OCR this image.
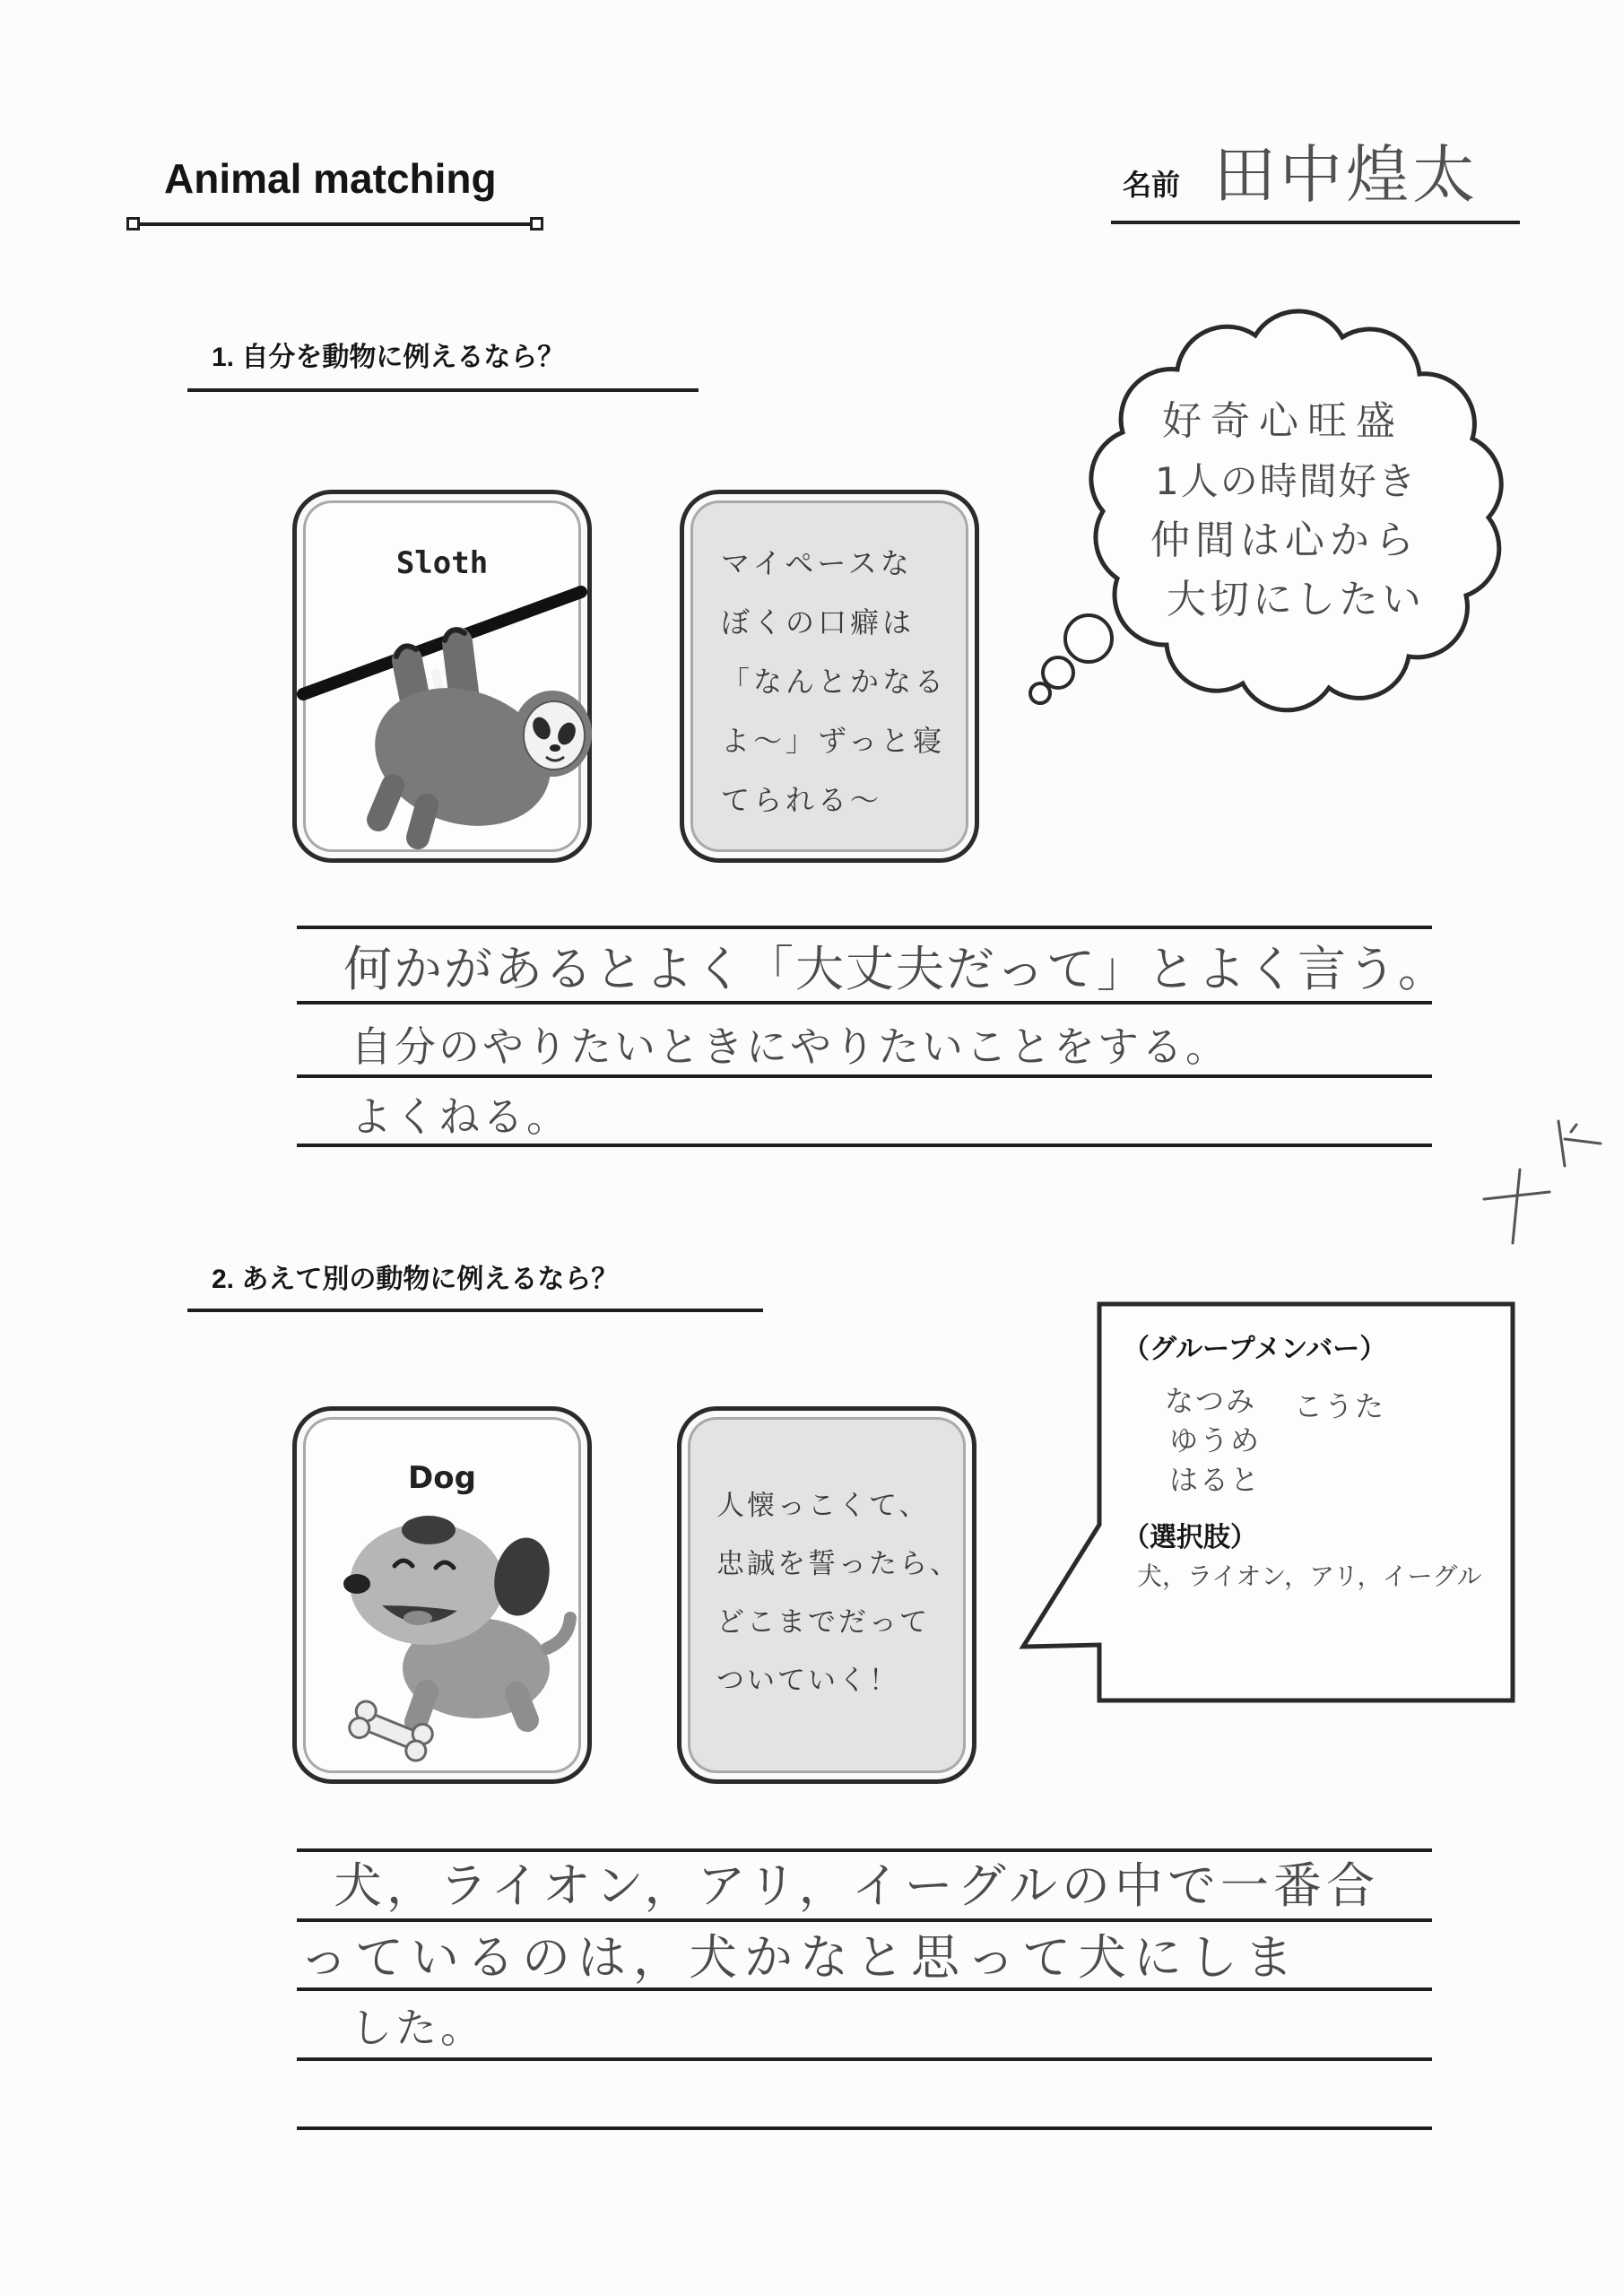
Animal matching	名前 田中煌太
1. 自分を動物に例えるなら？
Sloth	マイペースな
ぼくの口癖は
「なんとかなる
よ〜」ずっと寝
てられる〜
好奇心旺盛
1人の時間好き
仲間は心から
大切にしたい
何かがあるとよく「大丈夫だって」とよく言う。
自分のやりたいときにやりたいことをする。
よくねる。
2. あえて別の動物に例えるなら？
Dog
人懐っこくて、
忠誠を誓ったら、
どこまでだって
ついていく！
（グループメンバー）
なつみ
ゆうめ
はると
こうた
（選択肢）
犬，ライオン，アリ，イーグル
犬，ライオン，アリ，イーグルの中で一番合
っているのは，犬かなと思って犬にしま
した。
